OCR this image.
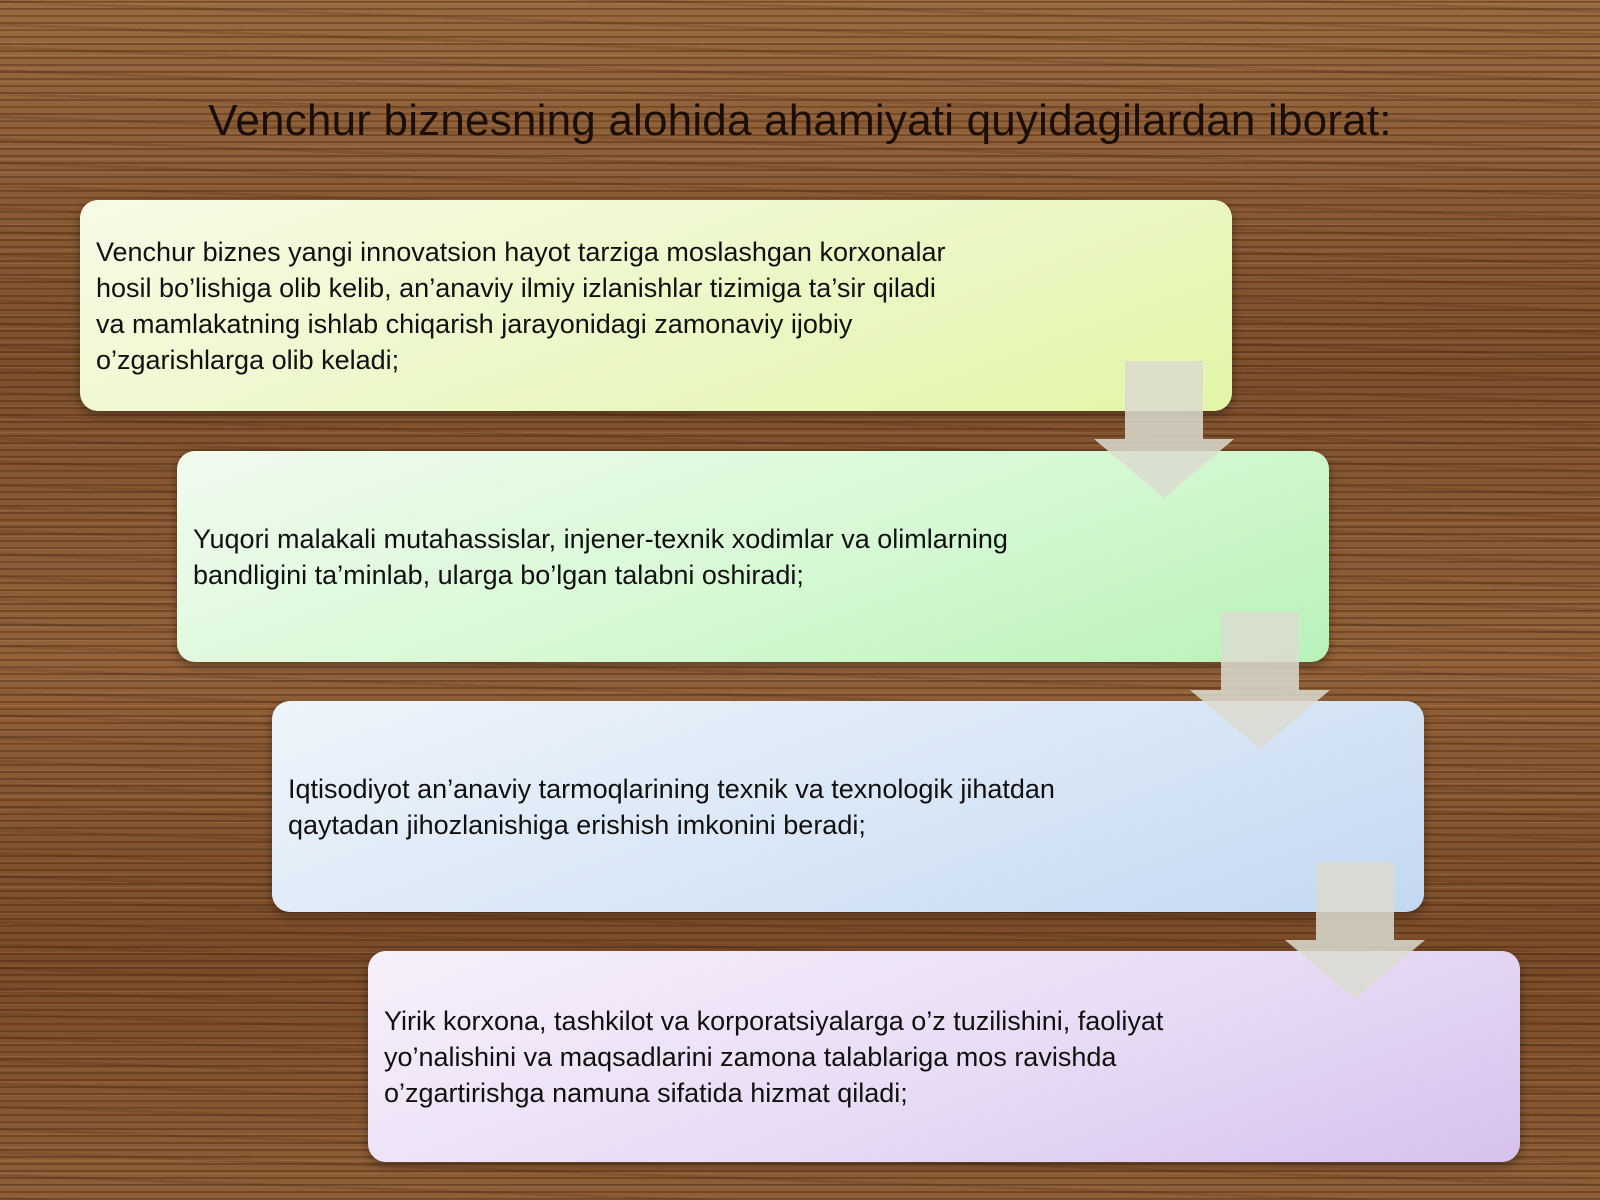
Venchur biznesning alohida ahamiyati quyidagilardan iborat:
Venchur biznes yangi innovatsion hayot tarziga moslashgan korxonalar hosil bo’lishiga olib kelib, an’anaviy ilmiy izlanishlar tizimiga ta’sir qiladi va mamlakatning ishlab chiqarish jarayonidagi zamonaviy ijobiy o’zgarishlarga olib keladi;
Yuqori malakali mutahassislar, injener-texnik xodimlar va olimlarning bandligini ta’minlab, ularga bo’lgan talabni oshiradi;
Iqtisodiyot an’anaviy tarmoqlarining texnik va texnologik jihatdan qaytadan jihozlanishiga erishish imkonini beradi;
Yirik korxona, tashkilot va korporatsiyalarga o’z tuzilishini, faoliyat yo’nalishini va maqsadlarini zamona talablariga mos ravishda o’zgartirishga namuna sifatida hizmat qiladi;
